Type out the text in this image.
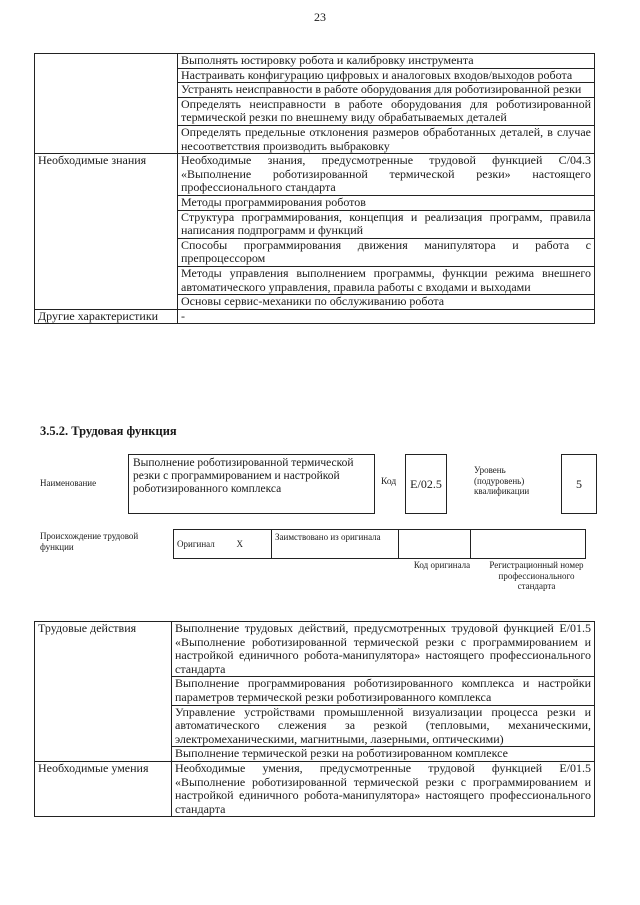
23
	Выполнять юстировку робота и калибровку инструмента
	Настраивать конфигурацию цифровых и аналоговых входов/выходов робота
	Устранять неисправности в работе оборудования для роботизированной резки
	Определять неисправности в работе оборудования для роботизированной термической резки по внешнему виду обрабатываемых деталей
	Определять предельные отклонения размеров обработанных деталей, в случае несоответствия производить выбраковку
Необходимые знания	Необходимые знания, предусмотренные трудовой функцией C/04.3 «Выполнение роботизированной термической резки» настоящего профессионального стандарта
	Методы программирования роботов
	Структура программирования, концепция и реализация программ, правила написания подпрограмм и функций
	Способы программирования движения манипулятора и работа с препроцессором
	Методы управления выполнением программы, функции режима внешнего автоматического управления, правила работы с входами и выходами
	Основы сервис-механики по обслуживанию робота
Другие характеристики	-
3.5.2. Трудовая функция
Наименование
Выполнение роботизированной термической резки с программированием и настройкой роботизированного комплекса
Код	E/02.5
Уровень (подуровень) квалификации	5
Происхождение трудовой функции	Оригинал	X	Заимствовано из оригинала		
Код оригинала Регистрационный номер профессионального стандарта
Трудовые действия	Выполнение трудовых действий, предусмотренных трудовой функцией E/01.5 «Выполнение роботизированной термической резки с программированием и настройкой единичного робота-манипулятора» настоящего профессионального стандарта
	Выполнение программирования роботизированного комплекса и настройки параметров термической резки роботизированного комплекса
	Управление устройствами промышленной визуализации процесса резки и автоматического слежения за резкой (тепловыми, механическими, электромеханическими, магнитными, лазерными, оптическими)
	Выполнение термической резки на роботизированном комплексе
Необходимые умения	Необходимые умения, предусмотренные трудовой функцией E/01.5 «Выполнение роботизированной термической резки с программированием и настройкой единичного робота-манипулятора» настоящего профессионального стандарта
